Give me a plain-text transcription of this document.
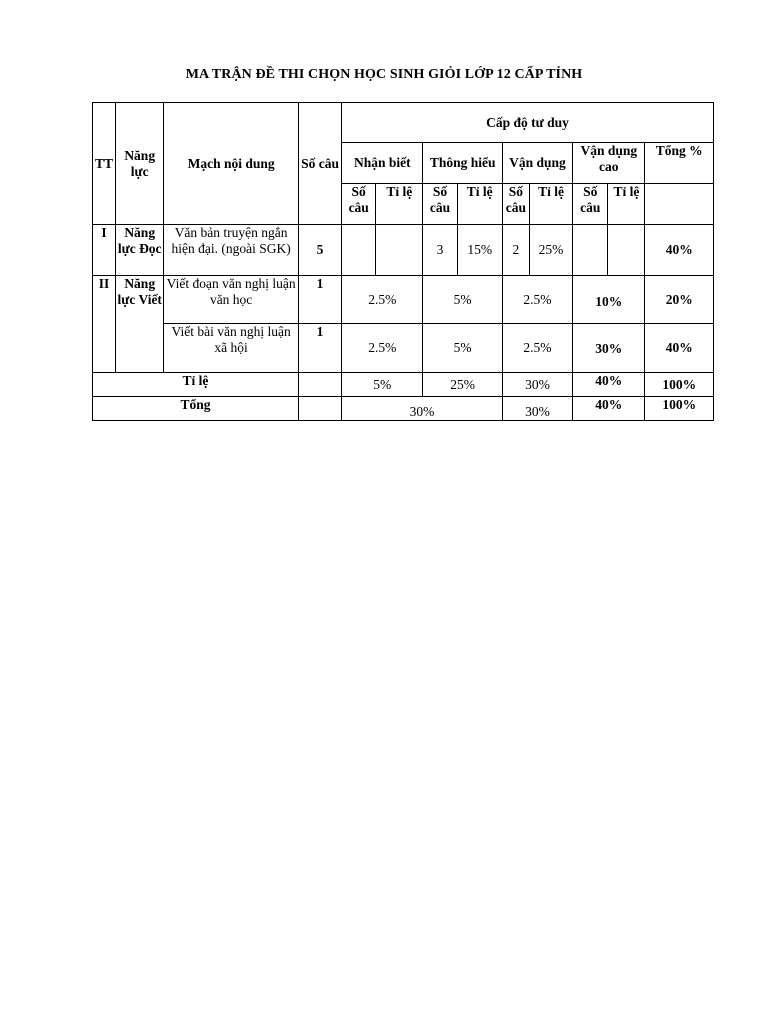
MA TRẬN ĐỀ THI CHỌN HỌC SINH GIỎI LỚP 12 CẤP TỈNH
TT	Năng lực	Mạch nội dung	Số câu	Cấp độ tư duy								
				Nhận biết		Thông hiểu		Vận dụng		Vận dụng cao		Tổng %
				Số câu	Tỉ lệ	Số câu	Tỉ lệ	Số câu	Tỉ lệ	Số câu	Tỉ lệ	
I	Năng lực Đọc	Văn bản truyện ngắn hiện đại. (ngoài SGK)	5			3	15%	2	25%			40%
II	Năng lực Viết	Viết đoạn văn nghị luận văn học	1	2.5%		5%		2.5%		10%		20%
		Viết bài văn nghị luận xã hội	1	2.5%		5%		2.5%		30%		40%
Tỉ lệ				5%		25%		30%		40%		100%
Tổng				30%				30%		40%		100%
